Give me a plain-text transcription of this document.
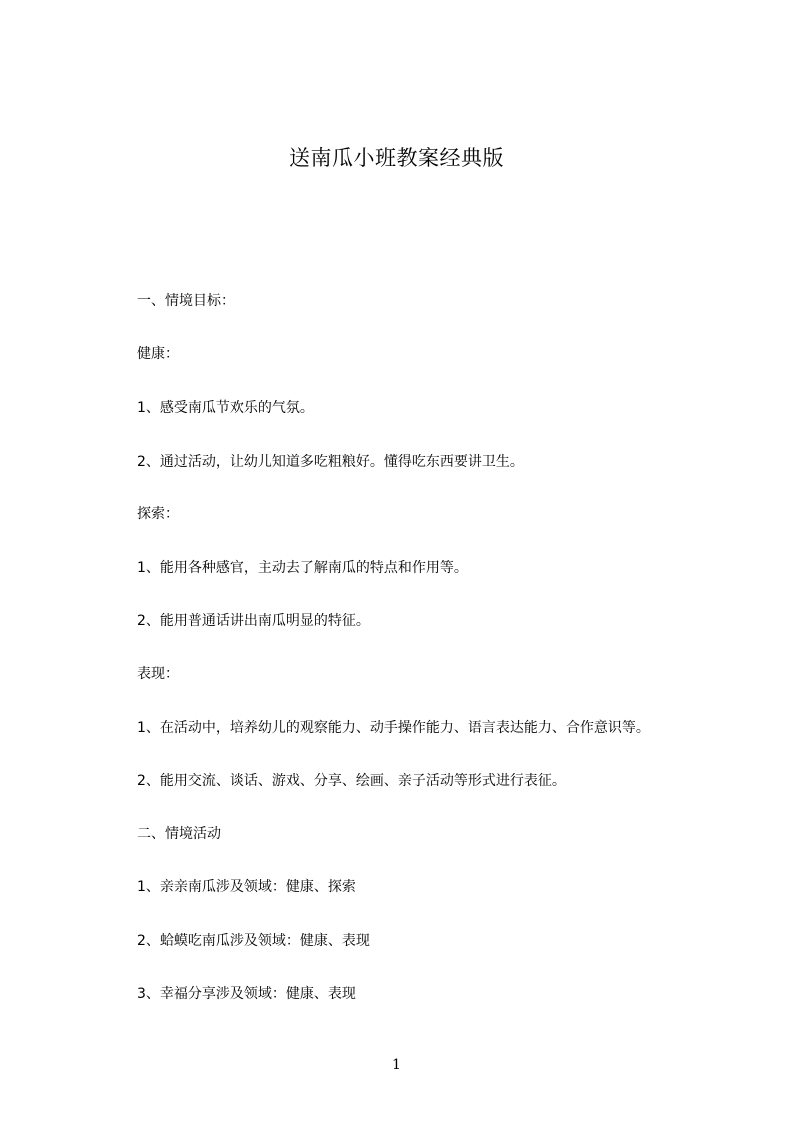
送南瓜小班教案经典版

一、情境目标：

健康：

1、感受南瓜节欢乐的气氛。

2、通过活动，让幼儿知道多吃粗粮好。懂得吃东西要讲卫生。

探索：

1、能用各种感官，主动去了解南瓜的特点和作用等。

2、能用普通话讲出南瓜明显的特征。

表现：

1、在活动中，培养幼儿的观察能力、动手操作能力、语言表达能力、合作意识等。

2、能用交流、谈话、游戏、分享、绘画、亲子活动等形式进行表征。

二、情境活动

1、亲亲南瓜涉及领域：健康、探索

2、蛤蟆吃南瓜涉及领域：健康、表现

3、幸福分享涉及领域：健康、表现

1
